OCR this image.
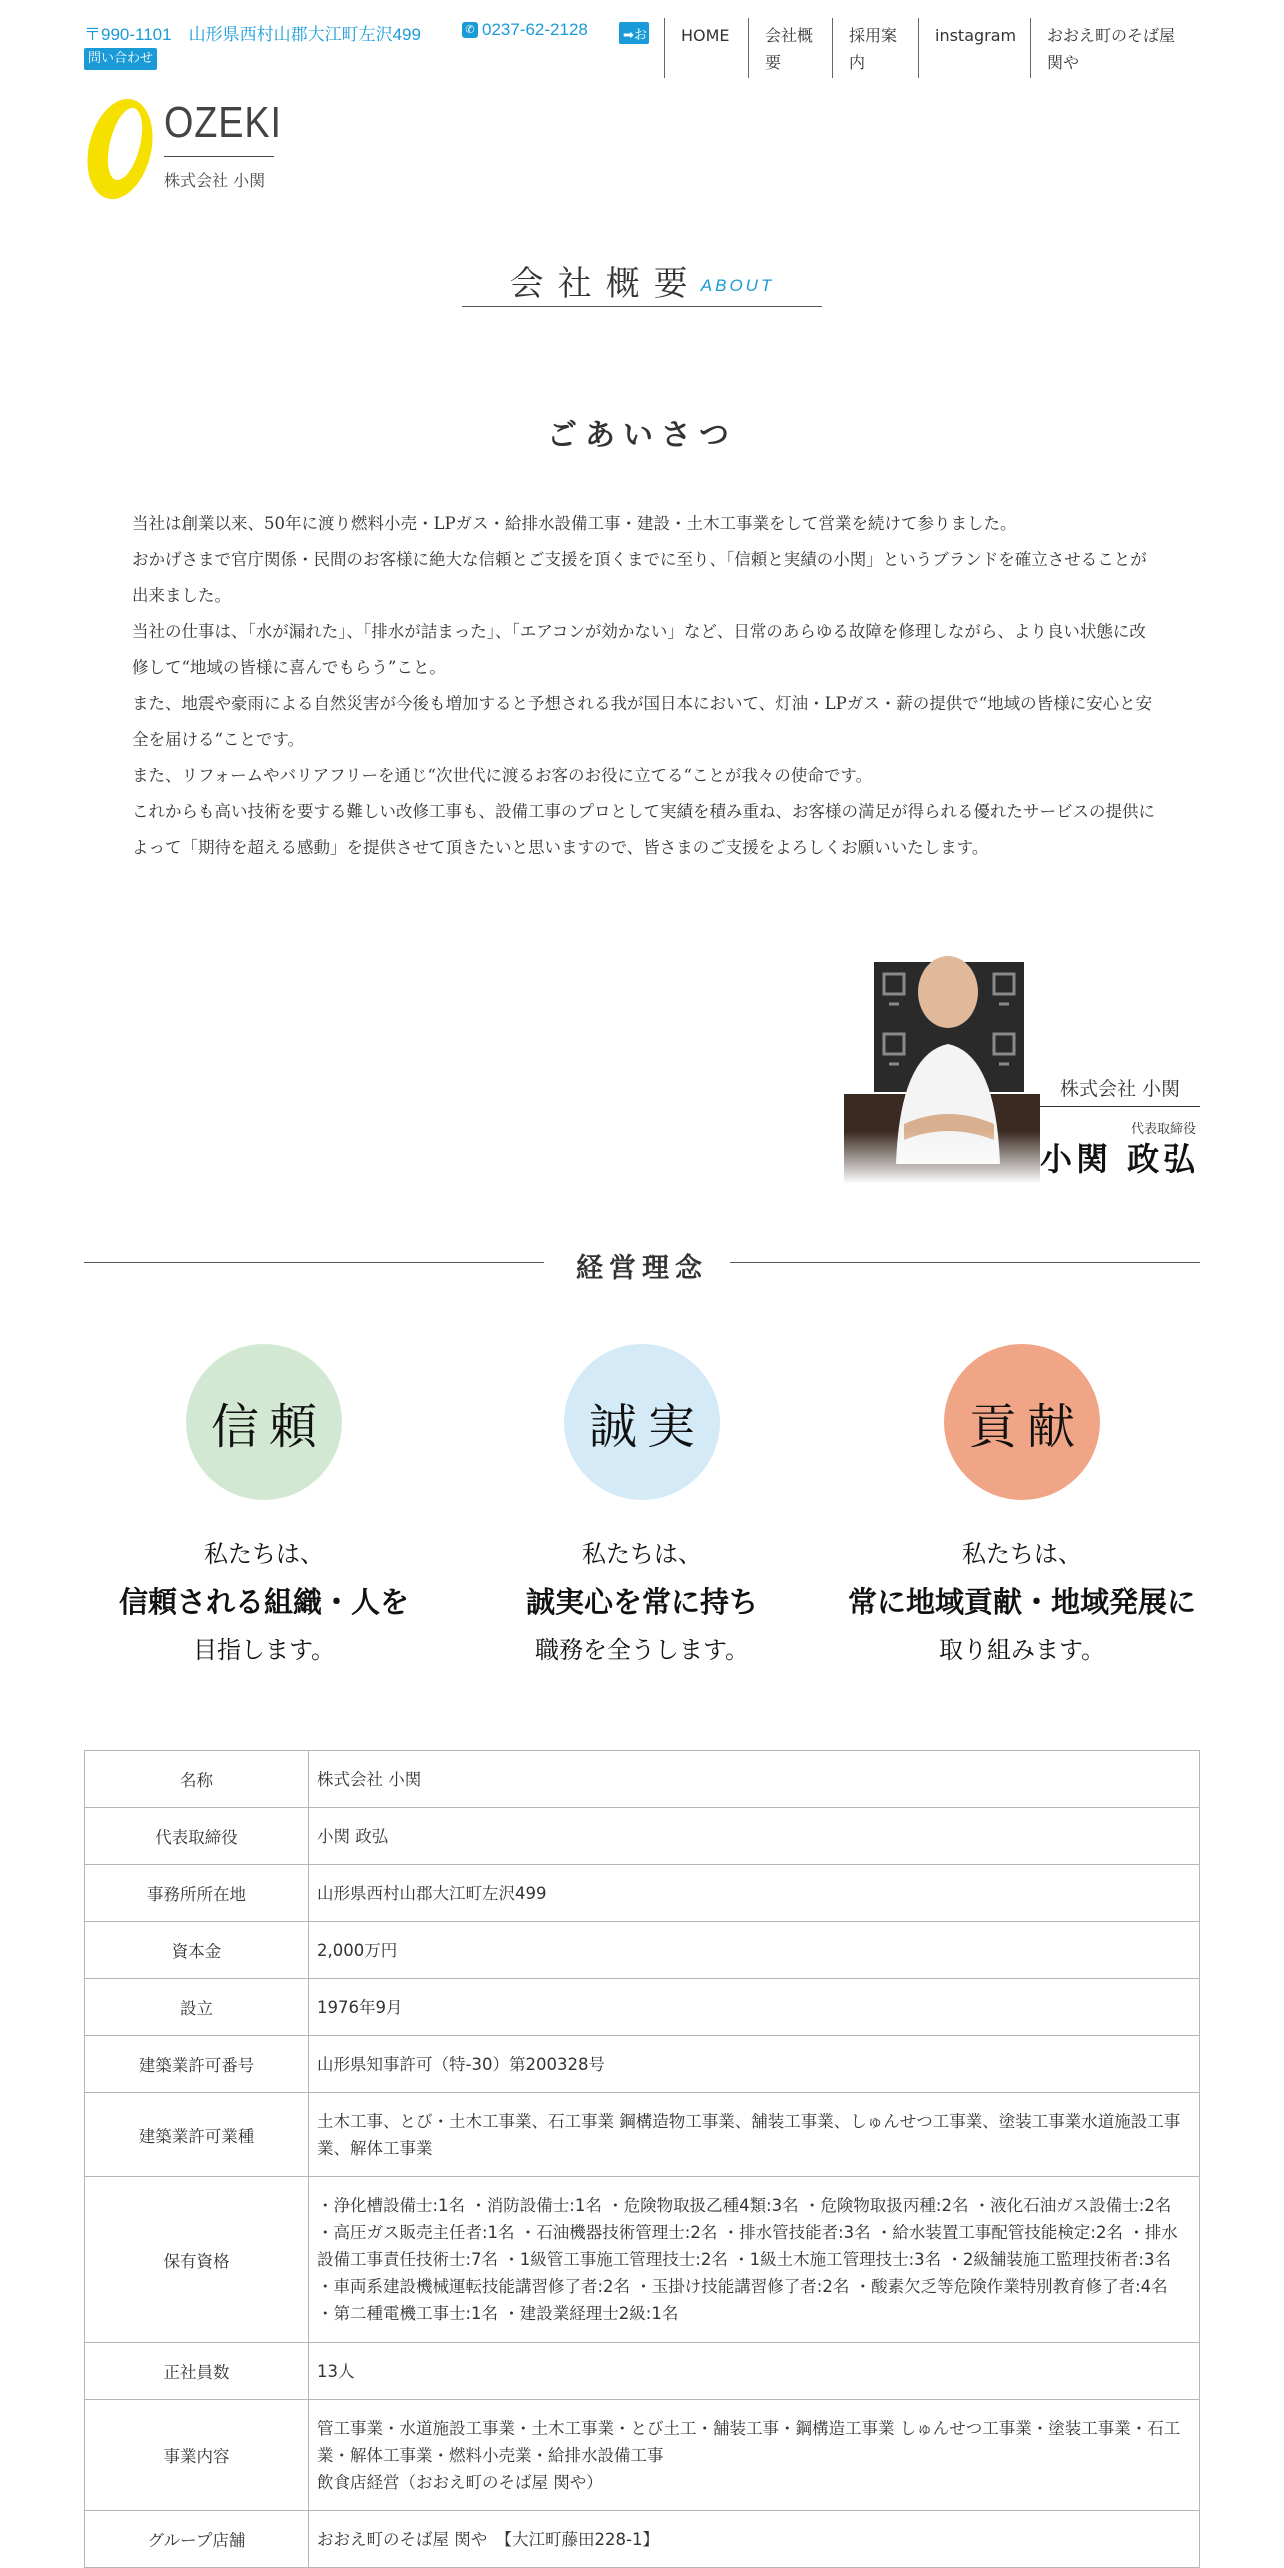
〒990-1101　山形県西村山郡大江町左沢499	✆ 0237-62-2128	➡お
問い合わせ
HOME	会社概要
採用案内
instagram	おおえ町のそば屋関や
OZEKI
株式会社 小関
会社概要 ABOUT
ごあいさつ

当社は創業以来、50年に渡り燃料小売・LPガス・給排水設備工事・建設・土木工事業をして営業を続けて参りました。

おかげさまで官庁関係・民間のお客様に絶大な信頼とご支援を頂くまでに至り、「信頼と実績の小関」というブランドを確立させることが出来ました。

当社の仕事は、「水が漏れた」、「排水が詰まった」、「エアコンが効かない」など、日常のあらゆる故障を修理しながら、より良い状態に改修して“地域の皆様に喜んでもらう”こと。

また、地震や豪雨による自然災害が今後も増加すると予想される我が国日本において、灯油・LPガス・薪の提供で“地域の皆様に安心と安全を届ける“ことです。

また、リフォームやバリアフリーを通じ“次世代に渡るお客のお役に立てる“ことが我々の使命です。

これからも高い技術を要する難しい改修工事も、設備工事のプロとして実績を積み重ね、お客様の満足が得られる優れたサービスの提供によって「期待を超える感動」を提供させて頂きたいと思いますので、皆さまのご支援をよろしくお願いいたします。

株式会社 小関
代表取締役
小関 政弘
経営理念
信頼
私たちは、
信頼される組織・人を
目指します。
誠実
私たちは、
誠実心を常に持ち
職務を全うします。
貢献
私たちは、
常に地域貢献・地域発展に
取り組みます。
名称	株式会社 小関
代表取締役	小関 政弘
事務所所在地	山形県西村山郡大江町左沢499
資本金	2,000万円
設立	1976年9月
建築業許可番号	山形県知事許可（特-30）第200328号
建築業許可業種	土木工事、とび・土木工事業、石工事業 鋼構造物工事業、舗装工事業、しゅんせつ工事業、塗装工事業水道施設工事業、解体工事業
保有資格	・浄化槽設備士:1名 ・消防設備士:1名 ・危険物取扱乙種4類:3名 ・危険物取扱丙種:2名 ・液化石油ガス設備士:2名 ・高圧ガス販売主任者:1名 ・石油機器技術管理士:2名 ・排水管技能者:3名 ・給水装置工事配管技能検定:2名 ・排水設備工事責任技術士:7名 ・1級管工事施工管理技士:2名 ・1級土木施工管理技士:3名 ・2級舗装施工監理技術者:3名 ・車両系建設機械運転技能講習修了者:2名 ・玉掛け技能講習修了者:2名 ・酸素欠乏等危険作業特別教育修了者:4名 ・第二種電機工事士:1名 ・建設業経理士2級:1名
正社員数	13人
事業内容	管工事業・水道施設工事業・土木工事業・とび土工・舗装工事・鋼構造工事業 しゅんせつ工事業・塗装工事業・石工業・解体工事業・燃料小売業・給排水設備工事
飲食店経営（おおえ町のそば屋 関や）

グループ店舗	おおえ町のそば屋 関や　【大江町藤田228-1】
